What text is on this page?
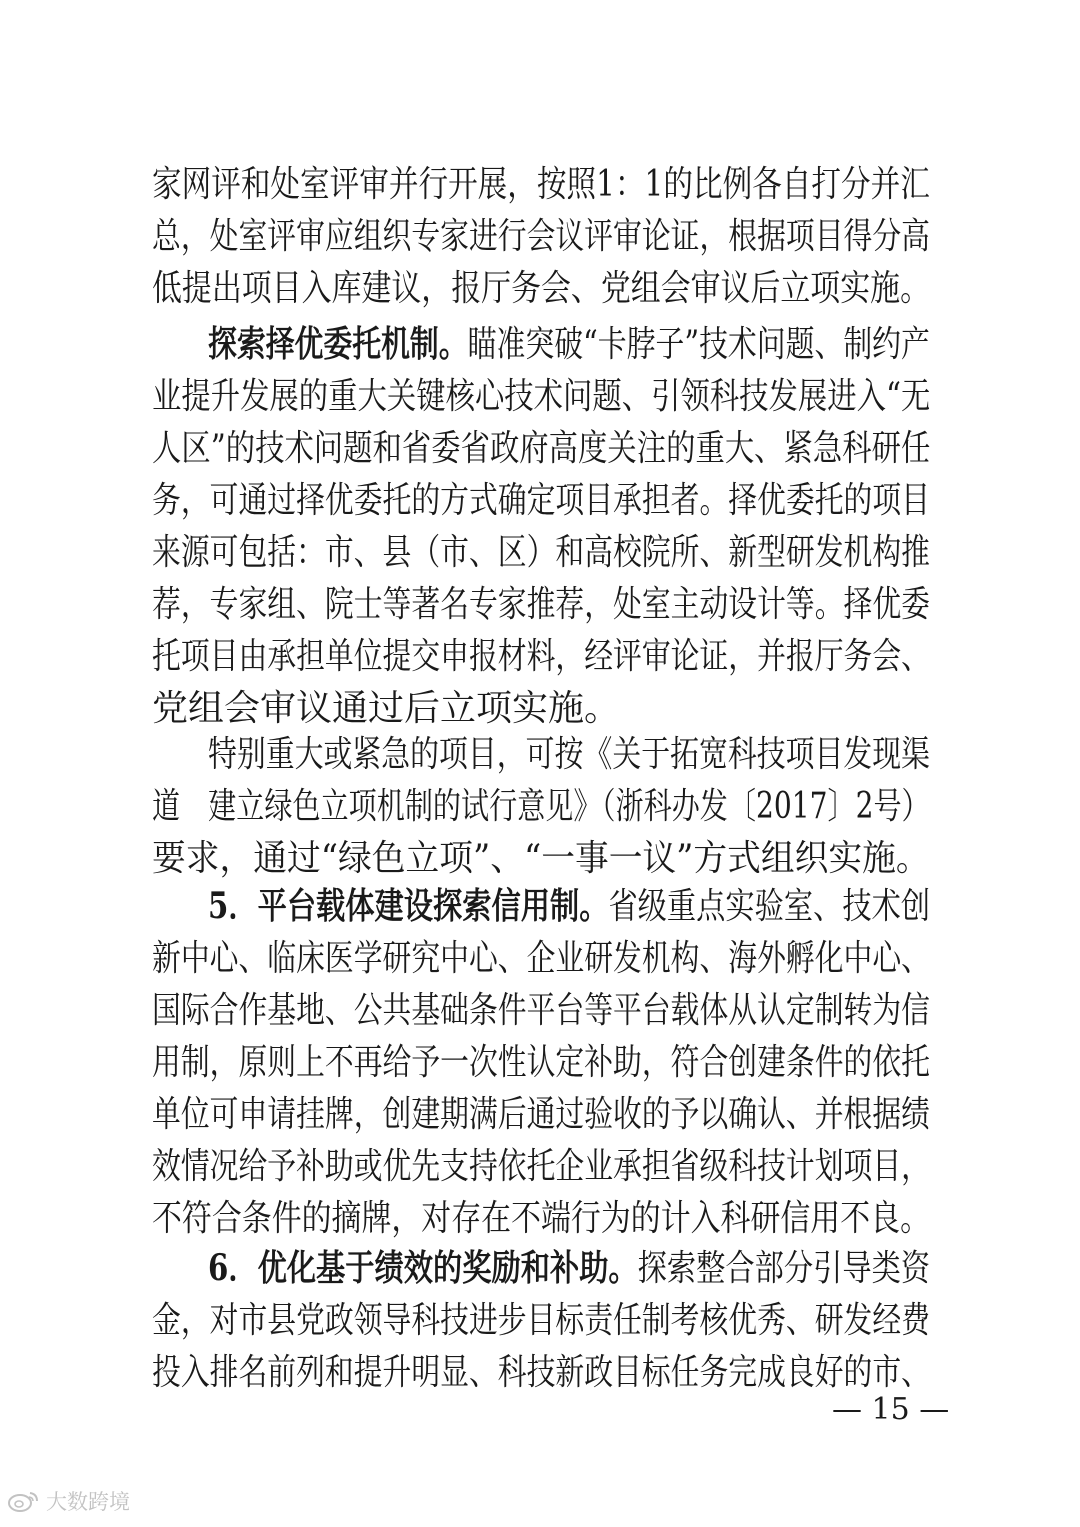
家网评和处室评审并行开展，按照1：1的比例各自打分并汇
总，处室评审应组织专家进行会议评审论证，根据项目得分高
低提出项目入库建议，报厅务会、党组会审议后立项实施。
探索择优委托机制。瞄准突破“卡脖子”技术问题、制约产
业提升发展的重大关键核心技术问题、引领科技发展进入“无
人区”的技术问题和省委省政府高度关注的重大、紧急科研任
务，可通过择优委托的方式确定项目承担者。择优委托的项目
来源可包括：市、县（市、区）和高校院所、新型研发机构推
荐，专家组、院士等著名专家推荐，处室主动设计等。择优委
托项目由承担单位提交申报材料，经评审论证，并报厅务会、
党组会审议通过后立项实施。
特别重大或紧急的项目，可按《关于拓宽科技项目发现渠
道　建立绿色立项机制的试行意见》（浙科办发〔2017〕2号）
要求，通过“绿色立项”、“一事一议”方式组织实施。
5．平台载体建设探索信用制。省级重点实验室、技术创
新中心、临床医学研究中心、企业研发机构、海外孵化中心、
国际合作基地、公共基础条件平台等平台载体从认定制转为信
用制，原则上不再给予一次性认定补助，符合创建条件的依托
单位可申请挂牌，创建期满后通过验收的予以确认、并根据绩
效情况给予补助或优先支持依托企业承担省级科技计划项目，
不符合条件的摘牌，对存在不端行为的计入科研信用不良。
6．优化基于绩效的奖励和补助。探索整合部分引导类资
金，对市县党政领导科技进步目标责任制考核优秀、研发经费
投入排名前列和提升明显、科技新政目标任务完成良好的市、
— 15 —
大数跨境
